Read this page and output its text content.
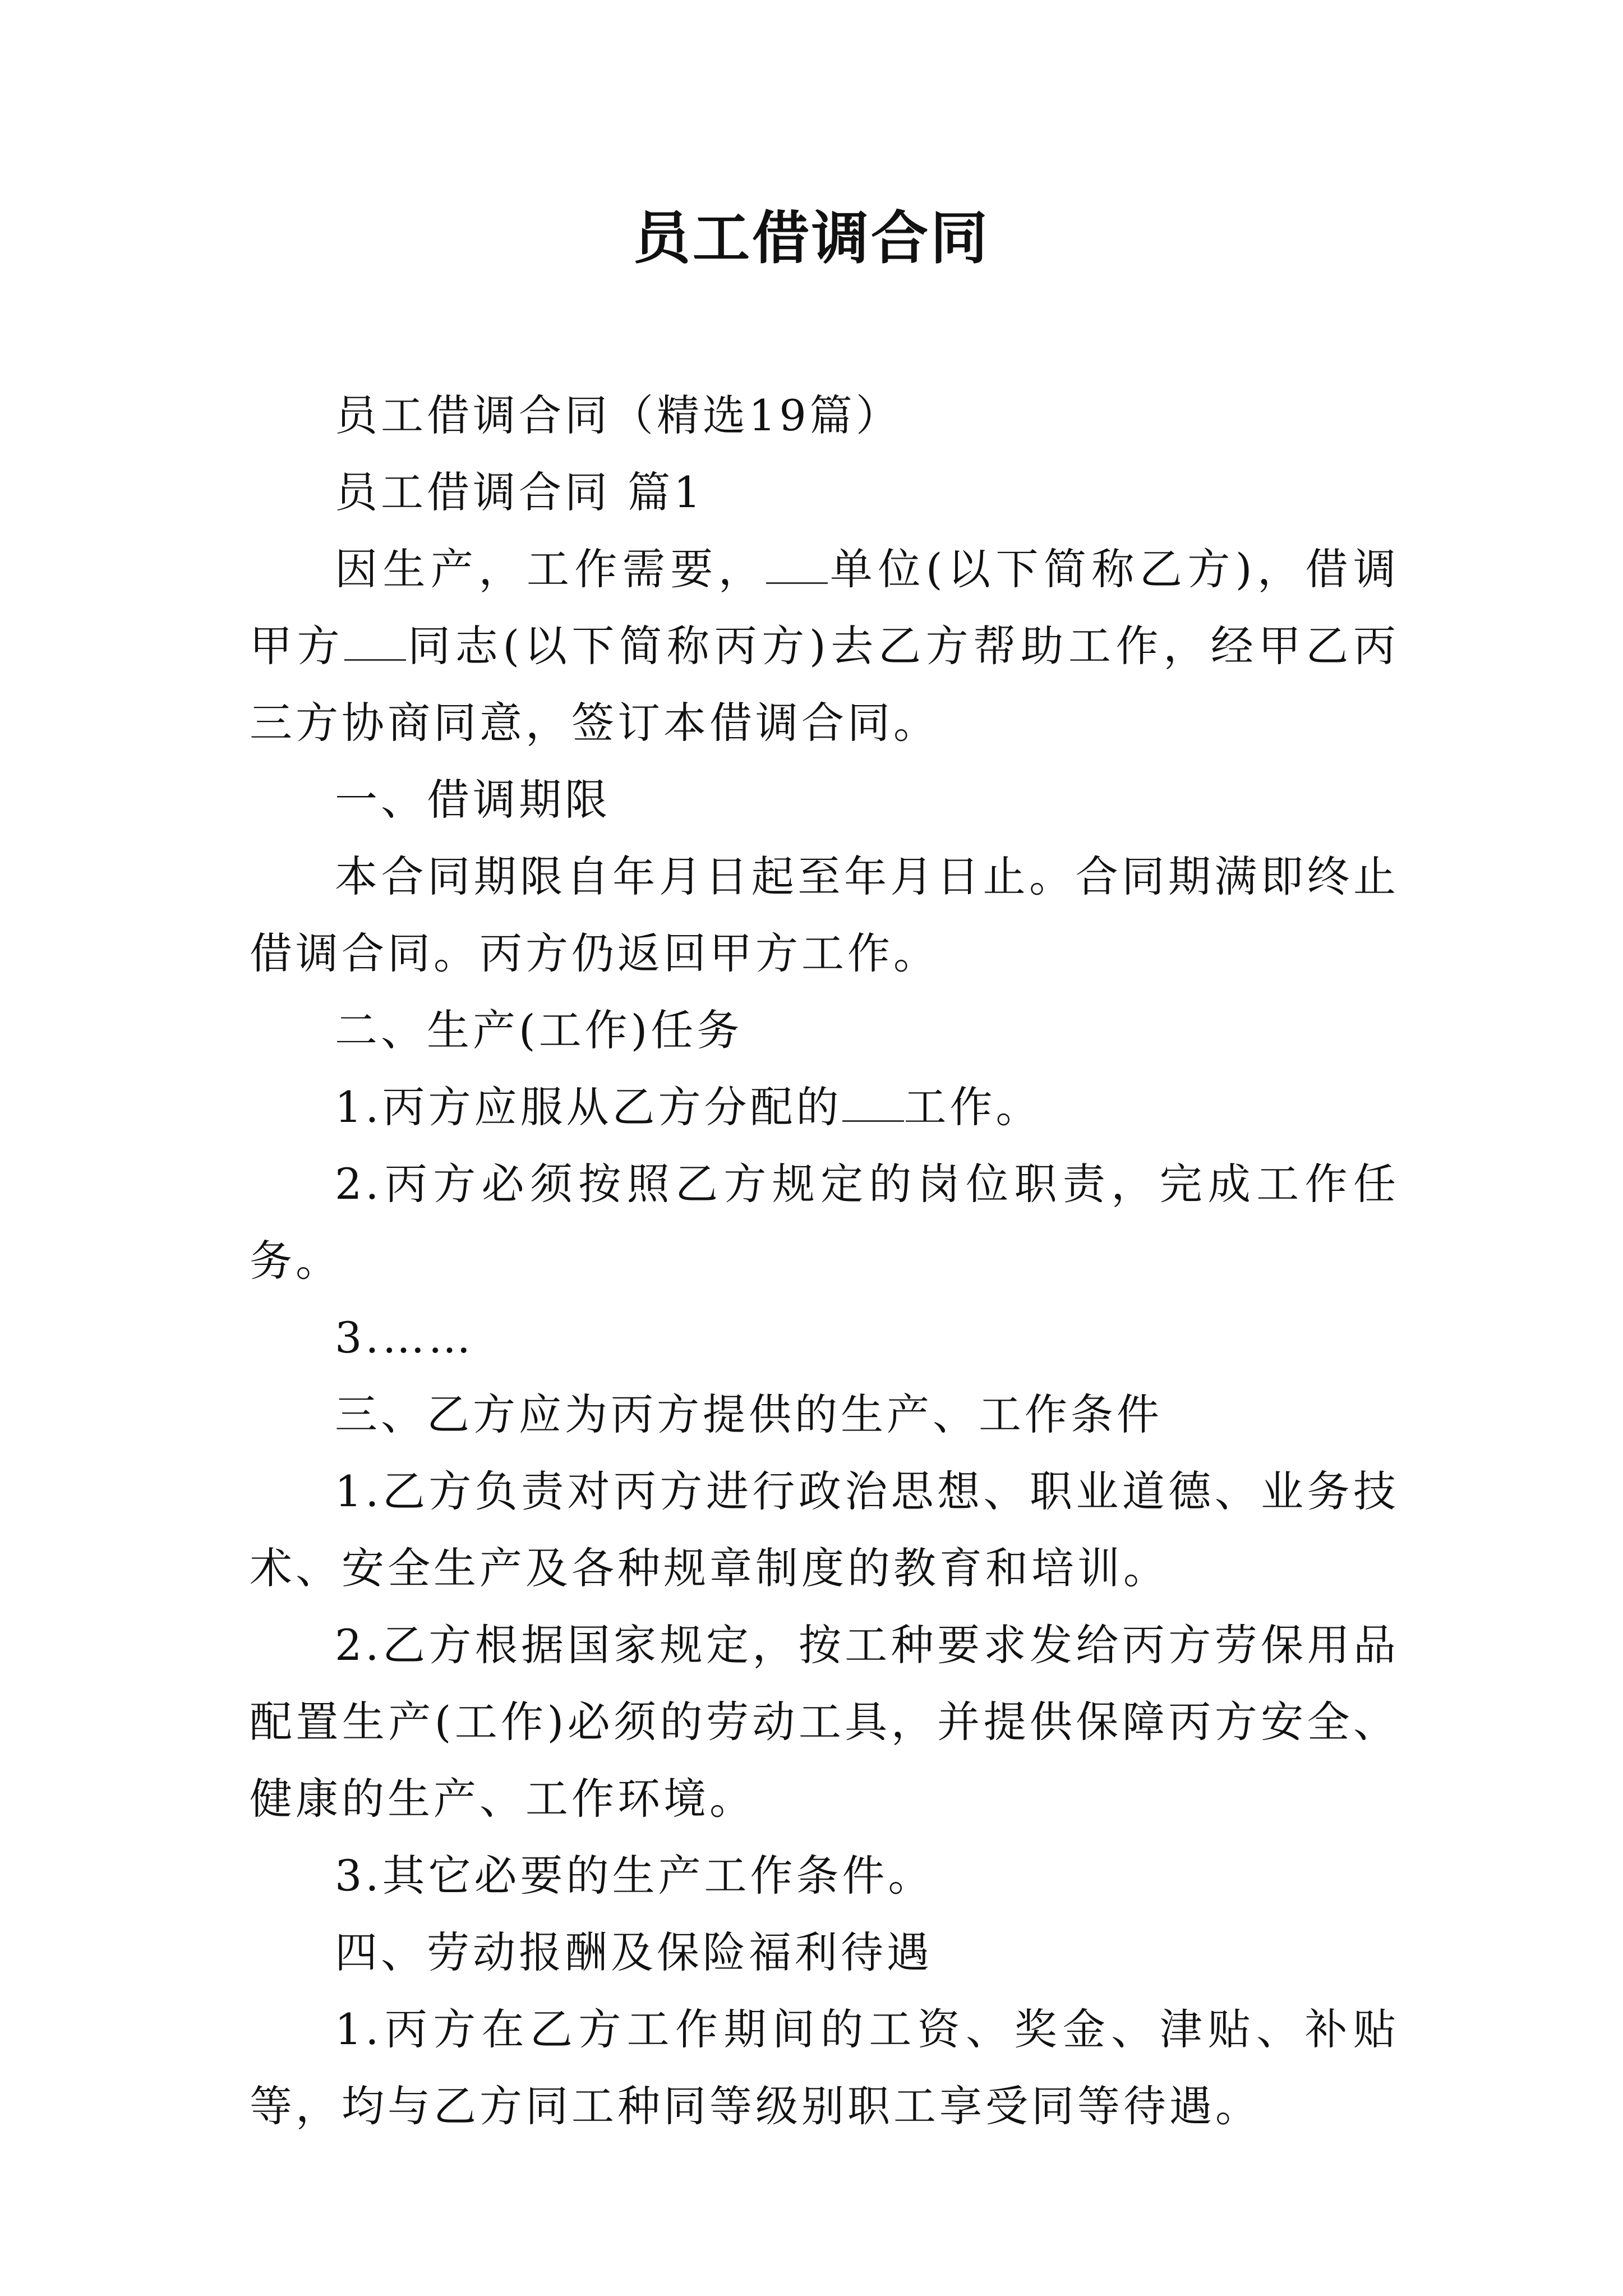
员工借调合同

员工借调合同（精选19篇）

员工借调合同 篇1

因生产，工作需要， 单位(以下简称乙方)，借调甲方 同志(以下简称丙方)去乙方帮助工作，经甲乙丙三方协商同意，签订本借调合同。

一、借调期限

本合同期限自年月日起至年月日止。合同期满即终止借调合同。丙方仍返回甲方工作。

二、生产(工作)任务

1.丙方应服从乙方分配的 工作。

2.丙方必须按照乙方规定的岗位职责，完成工作任务。

3.……

三、乙方应为丙方提供的生产、工作条件

1.乙方负责对丙方进行政治思想、职业道德、业务技术、安全生产及各种规章制度的教育和培训。

2.乙方根据国家规定，按工种要求发给丙方劳保用品配置生产(工作)必须的劳动工具，并提供保障丙方安全、健康的生产、工作环境。

3.其它必要的生产工作条件。

四、劳动报酬及保险福利待遇

1.丙方在乙方工作期间的工资、奖金、津贴、补贴等，均与乙方同工种同等级别职工享受同等待遇。
